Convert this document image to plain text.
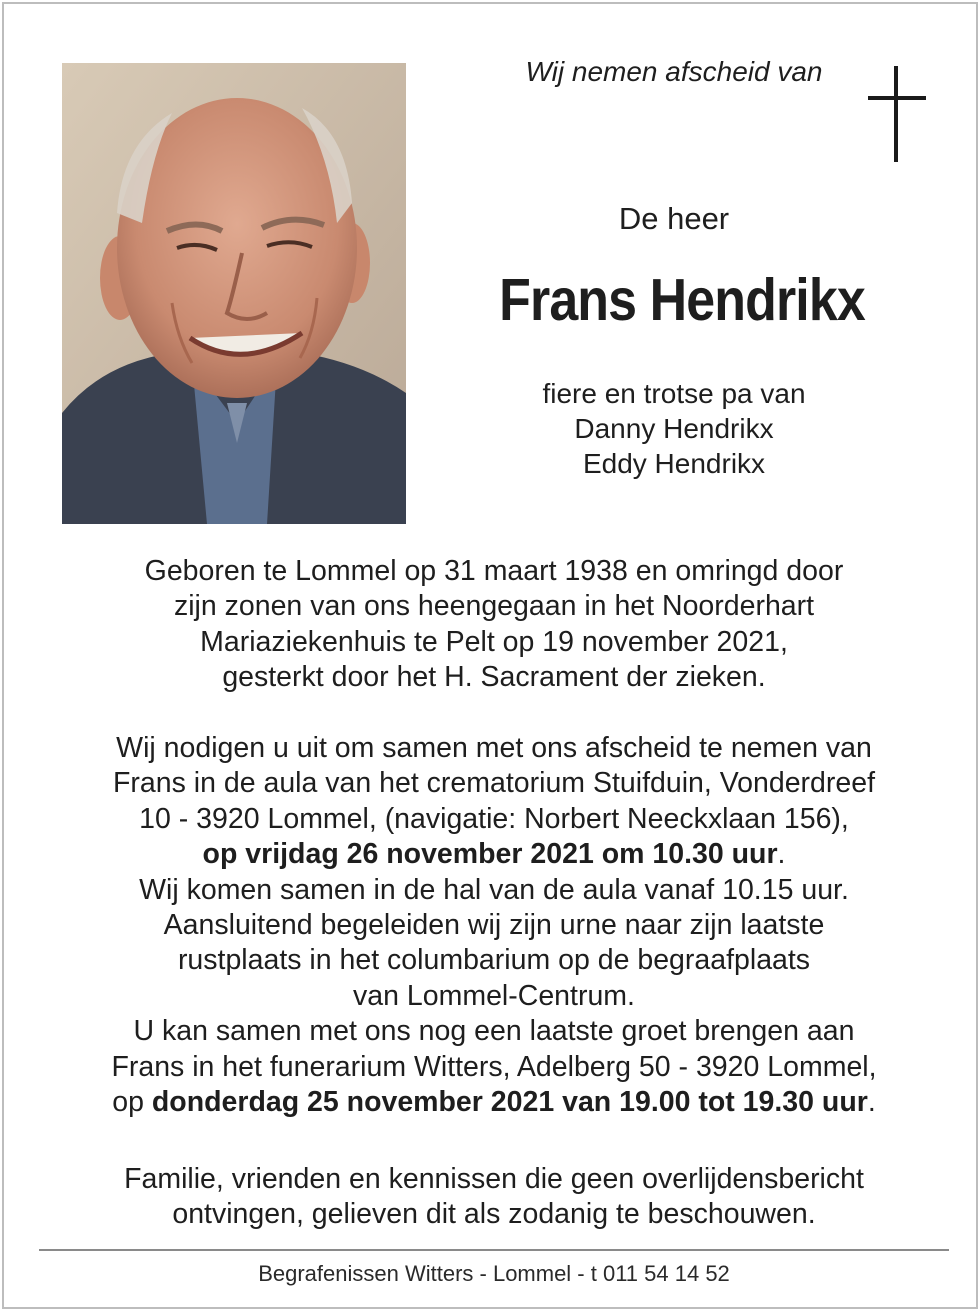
Wij nemen afscheid van
De heer
Frans Hendrikx
fiere en trotse pa van
Danny Hendrikx
Eddy Hendrikx
Geboren te Lommel op 31 maart 1938 en omringd door
zijn zonen van ons heengegaan in het Noorderhart
Mariaziekenhuis te Pelt op 19 november 2021,
gesterkt door het H. Sacrament der zieken.
Wij nodigen u uit om samen met ons afscheid te nemen van
Frans in de aula van het crematorium Stuifduin, Vonderdreef
10 - 3920 Lommel, (navigatie: Norbert Neeckxlaan 156),
op vrijdag 26 november 2021 om 10.30 uur.
Wij komen samen in de hal van de aula vanaf 10.15 uur.
Aansluitend begeleiden wij zijn urne naar zijn laatste
rustplaats in het columbarium op de begraafplaats
van Lommel-Centrum.
U kan samen met ons nog een laatste groet brengen aan
Frans in het funerarium Witters, Adelberg 50 - 3920 Lommel,
op donderdag 25 november 2021 van 19.00 tot 19.30 uur.
Familie, vrienden en kennissen die geen overlijdensbericht
ontvingen, gelieven dit als zodanig te beschouwen.
Begrafenissen Witters - Lommel - t 011 54 14 52
